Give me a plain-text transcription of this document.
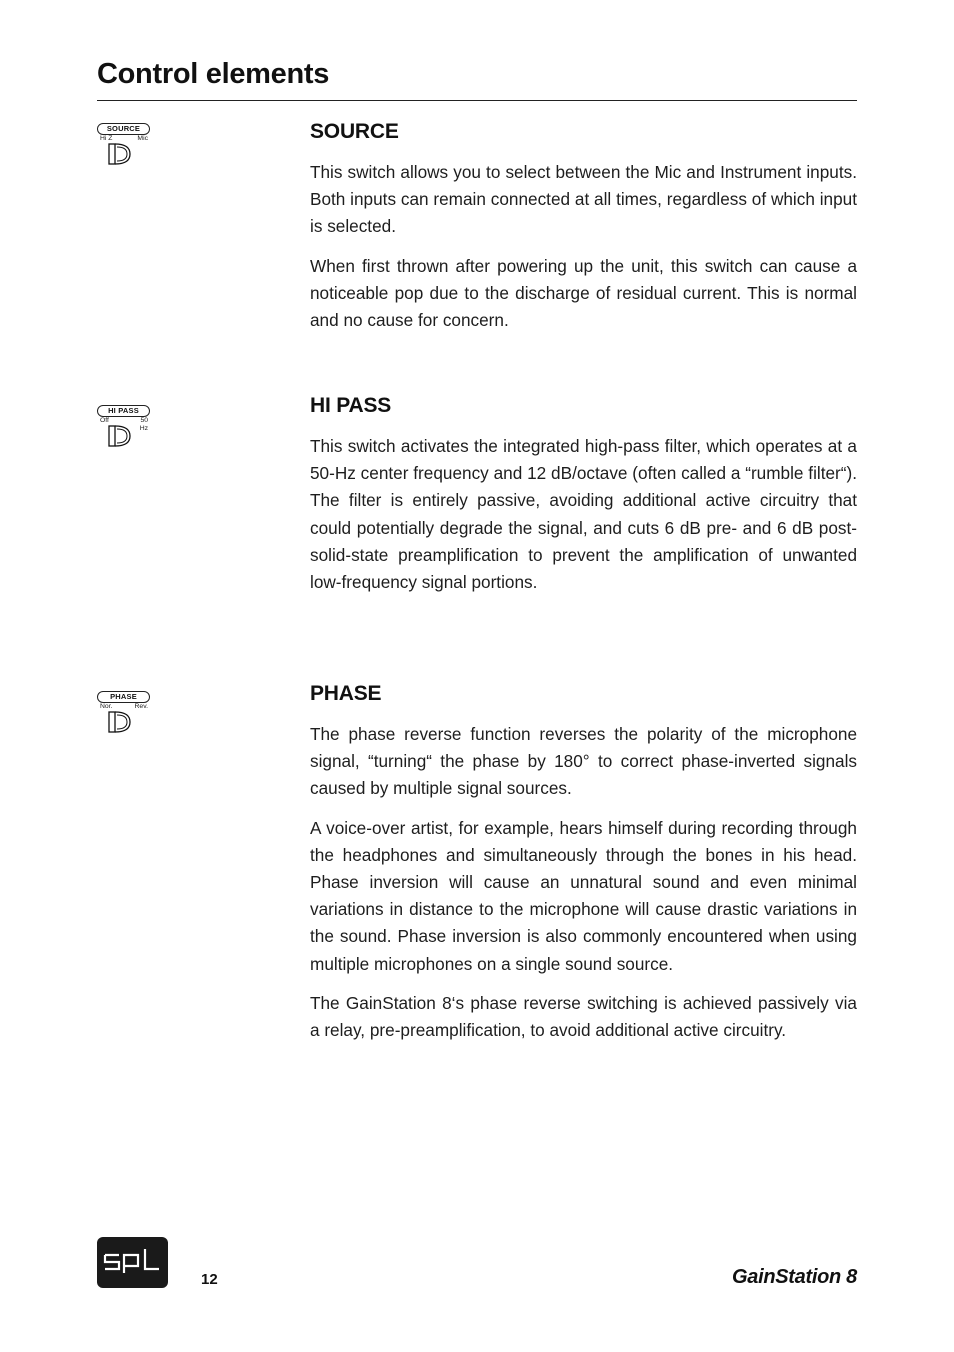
Control elements
SOURCE
Hi Z	Mic	SOURCE

This switch allows you to select between the Mic and Instrument inputs. Both inputs can remain connected at all times, regardless of which input is selected.

When first thrown after powering up the unit, this switch can cause a noticeable pop due to the discharge of residual current. This is normal and no cause for concern.

HI PASS
Off	50
Hz
HI PASS

This switch activates the integrated high-pass filter, which operates at a 50-Hz center frequency and 12 dB/octave (often called a “rumble filter“). The filter is entirely passive, avoiding additional active circuitry that could potentially degrade the signal, and cuts 6 dB pre- and 6 dB post-solid-state preamplification to prevent the amplification of unwanted low-frequency signal portions.

PHASE
Nor.	Rev.
PHASE

The phase reverse function reverses the polarity of the microphone signal, “turning“ the phase by 180° to correct phase-inverted signals caused by multiple signal sources.

A voice-over artist, for example, hears himself during recording through the headphones and simultaneously through the bones in his head. Phase inversion will cause an unnatural sound and even minimal variations in distance to the microphone will cause drastic variations in the sound. Phase inversion is also commonly encountered when using multiple microphones on a single sound source.

The GainStation 8‘s phase reverse switching is achieved passively via a relay, pre-preamplification, to avoid additional active circuitry.

12	GainStation 8
